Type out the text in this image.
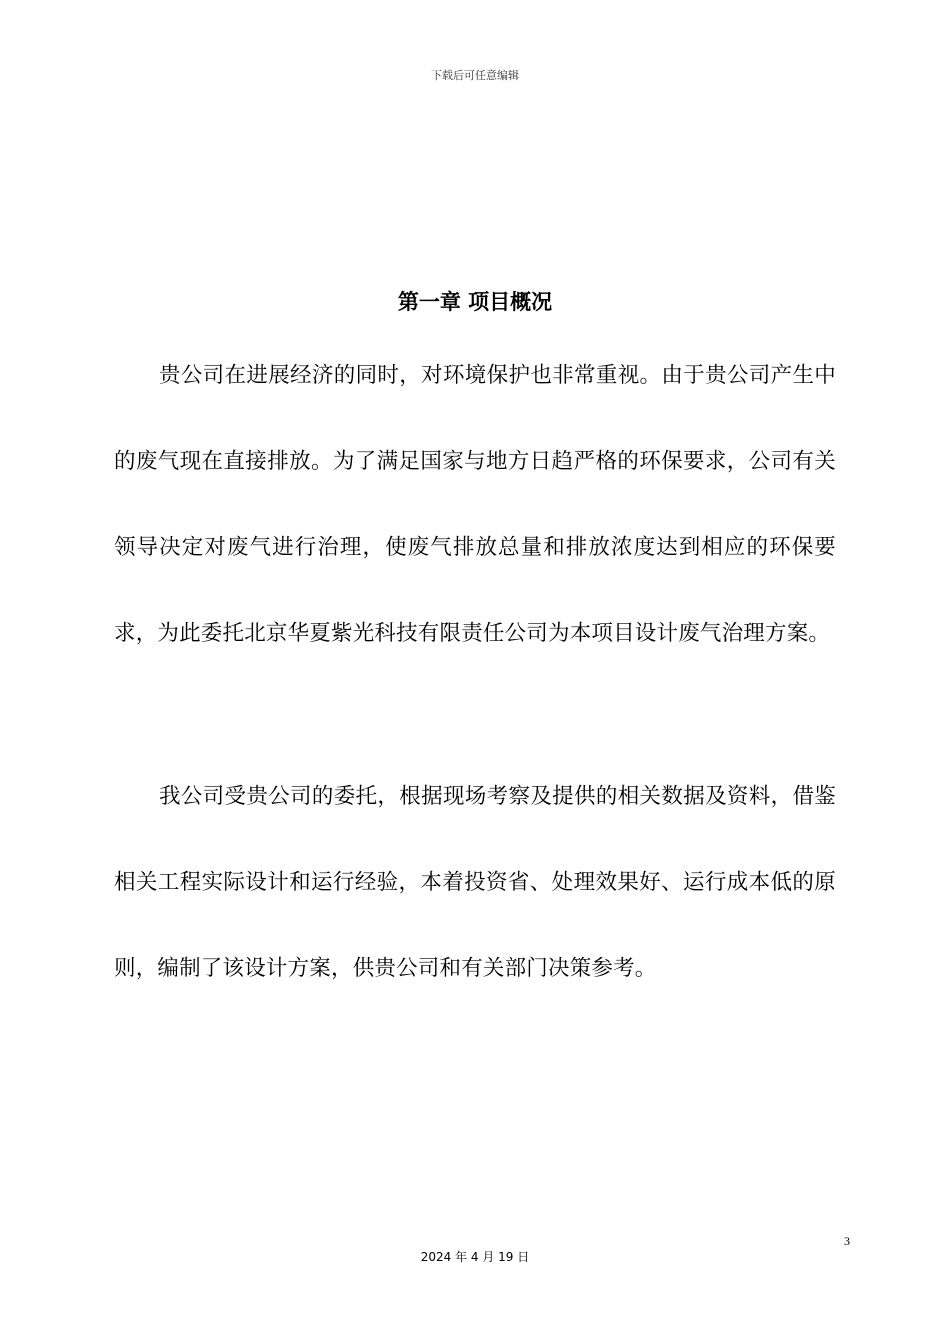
下载后可任意编辑
第一章 项目概况

贵公司在进展经济的同时，对环境保护也非常重视。由于贵公司产生中的废气现在直接排放。为了满足国家与地方日趋严格的环保要求，公司有关领导决定对废气进行治理，使废气排放总量和排放浓度达到相应的环保要求，为此委托北京华夏紫光科技有限责任公司为本项目设计废气治理方案。

我公司受贵公司的委托，根据现场考察及提供的相关数据及资料，借鉴相关工程实际设计和运行经验，本着投资省、处理效果好、运行成本低的原则，编制了该设计方案，供贵公司和有关部门决策参考。

3
2024 年 4 月 19 日
